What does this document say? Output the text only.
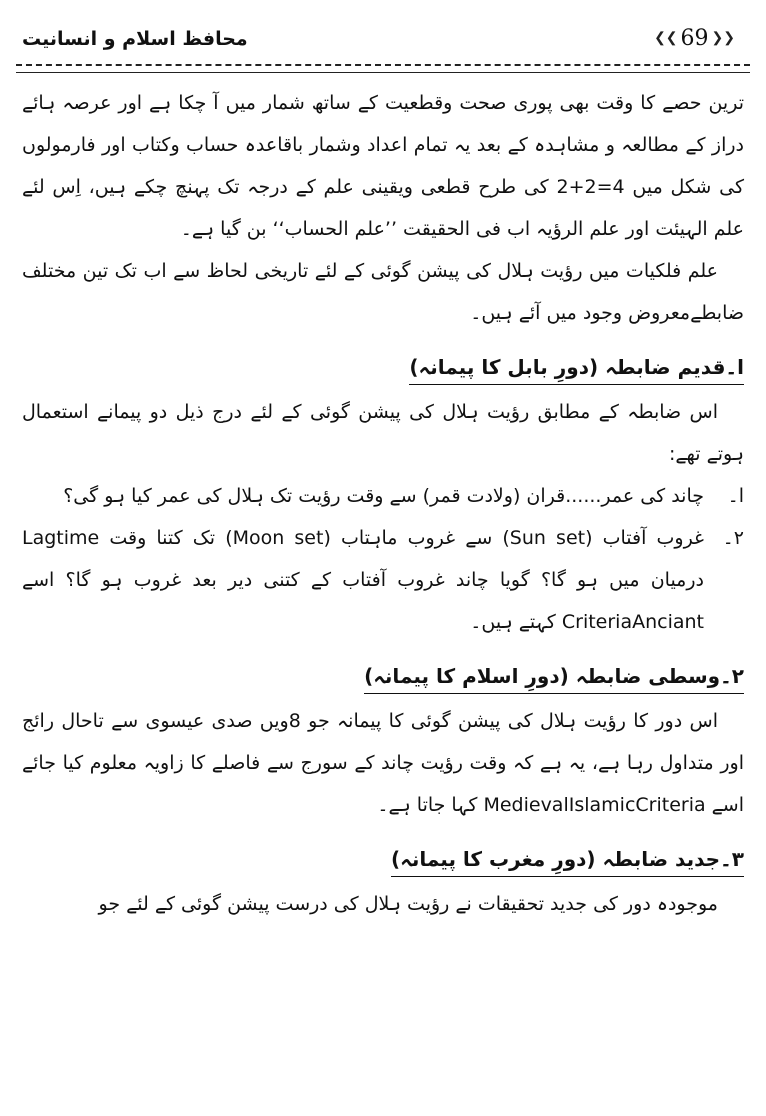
❮❮ 69 ❯❯
محافظ اسلام و انسانیت

ترین حصے کا وقت بھی پوری صحت وقطعیت کے ساتھ شمار میں آ چکا ہے اور عرصہ ہائے دراز کے مطالعہ و مشاہدہ کے بعد یہ تمام اعداد وشمار باقاعدہ حساب وکتاب اور فارمولوں کی شکل میں 4=2+2 کی طرح قطعی ویقینی علم کے درجہ تک پہنچ چکے ہیں، اِس لئے علم الہیئت اور علم الرؤیہ اب فی الحقیقت ’’علم الحساب‘‘ بن گیا ہے۔

علم فلکیات میں رؤیت ہلال کی پیشن گوئی کے لئے تاریخی لحاظ سے اب تک تین مختلف ضابطےمعروض وجود میں آئے ہیں۔

ا۔قدیم ضابطہ (دورِ بابل کا پیمانہ)

اس ضابطہ کے مطابق رؤیت ہلال کی پیشن گوئی کے لئے درج ذیل دو پیمانے استعمال ہوتے تھے:

ا۔
چاند کی عمر......قران (ولادت قمر) سے وقت رؤیت تک ہلال کی عمر کیا ہو گی؟

۲۔
غروب آفتاب (Sun set) سے غروب ماہتاب (Moon set) تک کتنا وقت Lagtime درمیان میں ہو گا؟ گویا چاند غروب آفتاب کے کتنی دیر بعد غروب ہو گا؟ اسے CriteriaAnciant کہتے ہیں۔

۲۔وسطی ضابطہ (دورِ اسلام کا پیمانہ)

اس دور کا رؤیت ہلال کی پیشن گوئی کا پیمانہ جو 8ویں صدی عیسوی سے تاحال رائج اور متداول رہا ہے، یہ ہے کہ وقت رؤیت چاند کے سورج سے فاصلے کا زاویہ معلوم کیا جائے اسے MedievalIslamicCriteria کہا جاتا ہے۔

۳۔جدید ضابطہ (دورِ مغرب کا پیمانہ)

موجودہ دور کی جدید تحقیقات نے رؤیت ہلال کی درست پیشن گوئی کے لئے جو
